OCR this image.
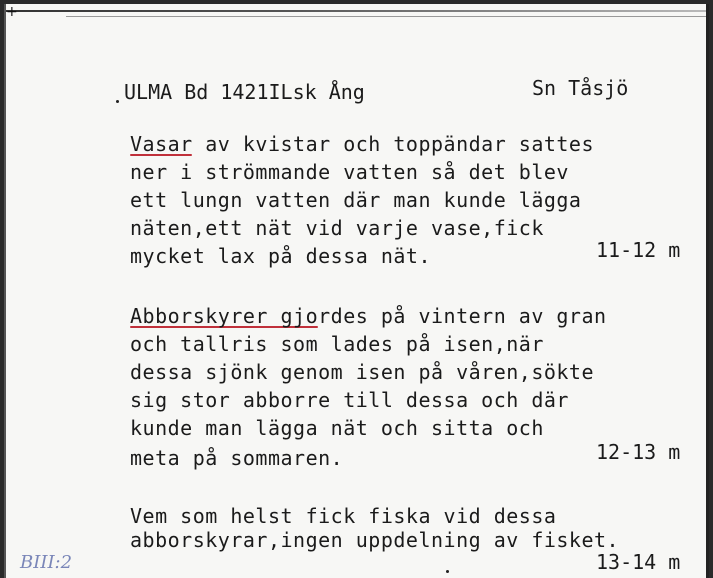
+
ULMA Bd 1421ILsk Ång	Sn Tåsjö
Vasar av kvistar och toppändar sattes
ner i strömmande vatten så det blev
ett lungn vatten där man kunde lägga
näten,ett nät vid varje vase,fick
mycket lax på dessa nät.	11-12 m
Abborskyrer gjordes på vintern av gran
och tallris som lades på isen,när
dessa sjönk genom isen på våren,sökte
sig stor abborre till dessa och där
kunde man lägga nät och sitta och
meta på sommaren.	12-13 m
Vem som helst fick fiska vid dessa
abborskyrar,ingen uppdelning av fisket.
13-14 m
BIII:2
